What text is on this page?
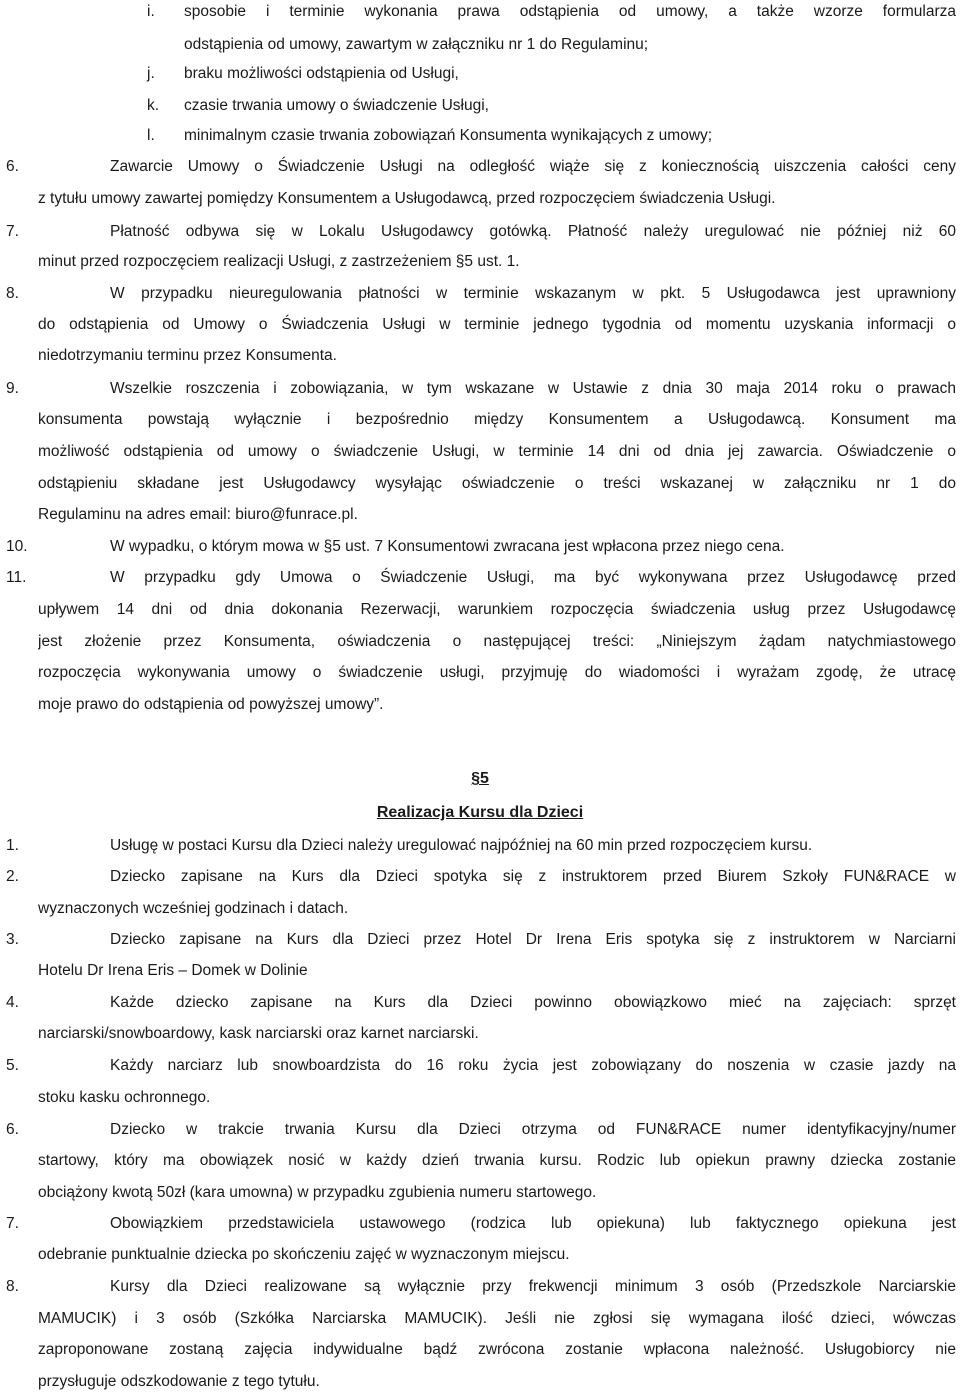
i. sposobie i terminie wykonania prawa odstąpienia od umowy, a także wzorze formularza
odstąpienia od umowy, zawartym w załączniku nr 1 do Regulaminu;
j. braku możliwości odstąpienia od Usługi,
k. czasie trwania umowy o świadczenie Usługi,
l. minimalnym czasie trwania zobowiązań Konsumenta wynikających z umowy;
6.	Zawarcie Umowy o Świadczenie Usługi na odległość wiąże się z koniecznością uiszczenia całości ceny
z tytułu umowy zawartej pomiędzy Konsumentem a Usługodawcą, przed rozpoczęciem świadczenia Usługi.
7.	Płatność odbywa się w Lokalu Usługodawcy gotówką. Płatność należy uregulować nie później niż 60
minut przed rozpoczęciem realizacji Usługi, z zastrzeżeniem §5 ust. 1.
8.	W przypadku nieuregulowania płatności w terminie wskazanym w pkt. 5 Usługodawca jest uprawniony
do odstąpienia od Umowy o Świadczenia Usługi w terminie jednego tygodnia od momentu uzyskania informacji o
niedotrzymaniu terminu przez Konsumenta.
9.	Wszelkie roszczenia i zobowiązania, w tym wskazane w Ustawie z dnia 30 maja 2014 roku o prawach
konsumenta powstają wyłącznie i bezpośrednio między Konsumentem a Usługodawcą. Konsument ma
możliwość odstąpienia od umowy o świadczenie Usługi, w terminie 14 dni od dnia jej zawarcia. Oświadczenie o
odstąpieniu składane jest Usługodawcy wysyłając oświadczenie o treści wskazanej w załączniku nr 1 do
Regulaminu na adres email: biuro@funrace.pl.
10.	W wypadku, o którym mowa w §5 ust. 7 Konsumentowi zwracana jest wpłacona przez niego cena.
11.	W przypadku gdy Umowa o Świadczenie Usługi, ma być wykonywana przez Usługodawcę przed
upływem 14 dni od dnia dokonania Rezerwacji, warunkiem rozpoczęcia świadczenia usług przez Usługodawcę
jest złożenie przez Konsumenta, oświadczenia o następującej treści: „Niniejszym żądam natychmiastowego
rozpoczęcia wykonywania umowy o świadczenie usługi, przyjmuję do wiadomości i wyrażam zgodę, że utracę
moje prawo do odstąpienia od powyższej umowy”.
§5
Realizacja Kursu dla Dzieci
1.	Usługę w postaci Kursu dla Dzieci należy uregulować najpóźniej na 60 min przed rozpoczęciem kursu.
2.	Dziecko zapisane na Kurs dla Dzieci spotyka się z instruktorem przed Biurem Szkoły FUN&RACE w
wyznaczonych wcześniej godzinach i datach.
3.	Dziecko zapisane na Kurs dla Dzieci przez Hotel Dr Irena Eris spotyka się z instruktorem w Narciarni
Hotelu Dr Irena Eris – Domek w Dolinie
4.	Każde dziecko zapisane na Kurs dla Dzieci powinno obowiązkowo mieć na zajęciach: sprzęt
narciarski/snowboardowy, kask narciarski oraz karnet narciarski.
5.	Każdy narciarz lub snowboardzista do 16 roku życia jest zobowiązany do noszenia w czasie jazdy na
stoku kasku ochronnego.
6.	Dziecko w trakcie trwania Kursu dla Dzieci otrzyma od FUN&RACE numer identyfikacyjny/numer
startowy, który ma obowiązek nosić w każdy dzień trwania kursu. Rodzic lub opiekun prawny dziecka zostanie
obciążony kwotą 50zł (kara umowna) w przypadku zgubienia numeru startowego.
7.	Obowiązkiem przedstawiciela ustawowego (rodzica lub opiekuna) lub faktycznego opiekuna jest
odebranie punktualnie dziecka po skończeniu zajęć w wyznaczonym miejscu.
8.	Kursy dla Dzieci realizowane są wyłącznie przy frekwencji minimum 3 osób (Przedszkole Narciarskie
MAMUCIK) i 3 osób (Szkółka Narciarska MAMUCIK). Jeśli nie zgłosi się wymagana ilość dzieci, wówczas
zaproponowane zostaną zajęcia indywidualne bądź zwrócona zostanie wpłacona należność. Usługobiorcy nie
przysługuje odszkodowanie z tego tytułu.
